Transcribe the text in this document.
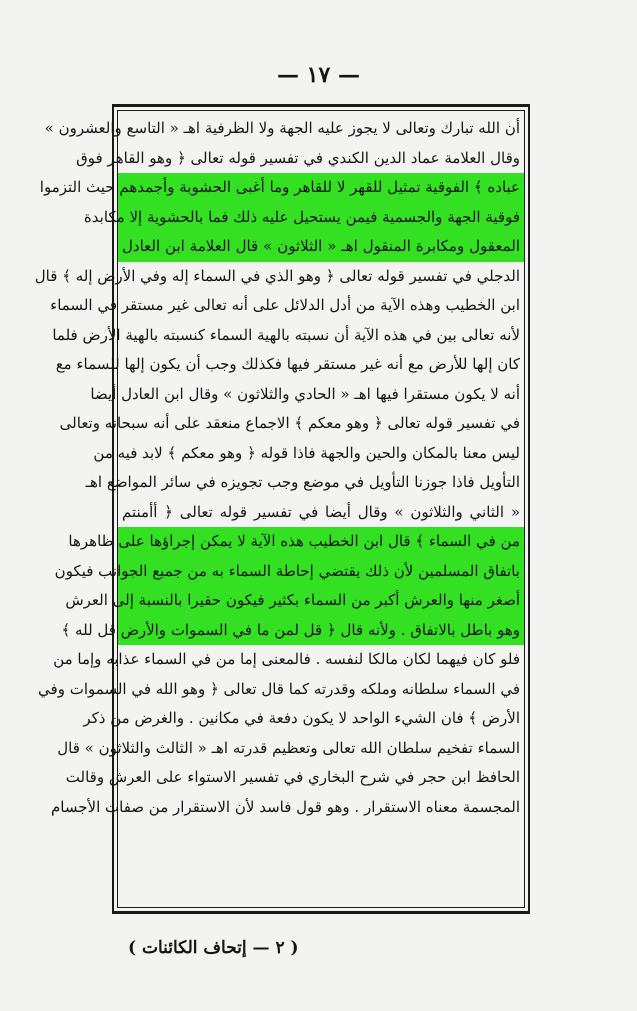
— ١٧ —
أن الله تبارك وتعالى لا يجوز عليه الجهة ولا الظرفية اهـ « التاسع والعشرون »
وقال العلامة عماد الدين الكندي في تفسير قوله تعالى ﴿ وهو القاهر فوق
عباده ﴾ الفوقية تمثيل للقهر لا للقاهر وما أغبى الحشوية وأجمدهم حيث التزموا
فوقية الجهة والجسمية فيمن يستحيل عليه ذلك فما بالحشوية إلا مكابدة
المعقول ومكابرة المنقول اهـ « الثلاثون » قال العلامة ابن العادل
الدجلي في تفسير قوله تعالى ﴿ وهو الذي في السماء إله وفي الأرض إله ﴾ قال
ابن الخطيب وهذه الآية من أدل الدلائل على أنه تعالى غير مستقر في السماء
لأنه تعالى بين في هذه الآية أن نسبته بالهية السماء كنسبته بالهية الأرض فلما
كان إلها للأرض مع أنه غير مستقر فيها فكذلك وجب أن يكون إلها للسماء مع
أنه لا يكون مستقرا فيها اهـ « الحادي والثلاثون » وقال ابن العادل أيضا
في تفسير قوله تعالى ﴿ وهو معكم ﴾ الاجماع منعقد على أنه سبحانه وتعالى
ليس معنا بالمكان والحين والجهة فاذا قوله ﴿ وهو معكم ﴾ لابد فيه من
التأويل فاذا جوزنا التأويل في موضع وجب تجويزه في سائر المواضع اهـ
« الثاني والثلاثون » وقال أيضا في تفسير قوله تعالى ﴿ أأمنتم
من في السماء ﴾ قال ابن الخطيب هذه الآية لا يمكن إجراؤها على ظاهرها
باتفاق المسلمين لأن ذلك يقتضي إحاطة السماء به من جميع الجوانب فيكون
أصغر منها والعرش أكبر من السماء بكثير فيكون حقيرا بالنسبة إلى العرش
وهو باطل بالاتفاق . ولأنه قال ﴿ قل لمن ما في السموات والأرض قل لله ﴾
فلو كان فيهما لكان مالكا لنفسه . فالمعنى إما من في السماء عذابه وإما من
في السماء سلطانه وملكه وقدرته كما قال تعالى ﴿ وهو الله في السموات وفي
الأرض ﴾ فان الشيء الواحد لا يكون دفعة في مكانين . والغرض من ذكر
السماء تفخيم سلطان الله تعالى وتعظيم قدرته اهـ « الثالث والثلاثون » قال
الحافظ ابن حجر في شرح البخاري في تفسير الاستواء على العرش وقالت
المجسمة معناه الاستقرار . وهو قول فاسد لأن الاستقرار من صفات الأجسام
( ٢ — إتحاف الكائنات )
